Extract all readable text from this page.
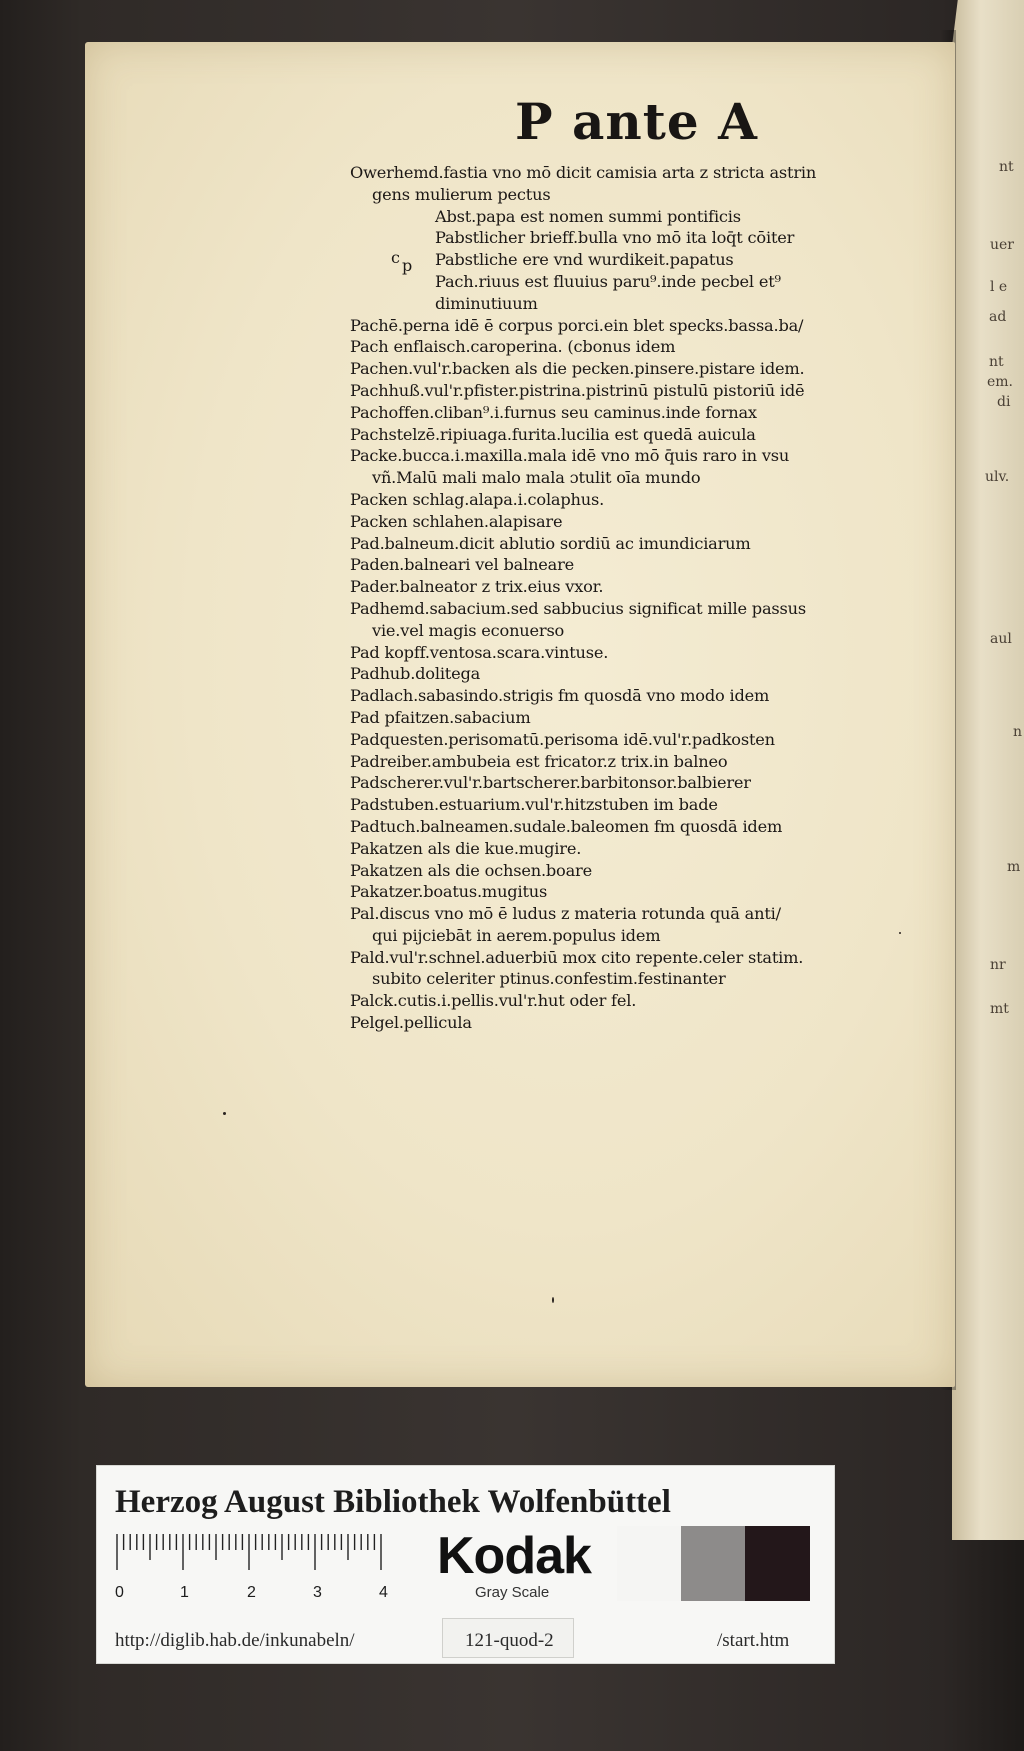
nt
uer
l e
ad
nt
em.
di
ulv.
aul
n
m
nr
mt
P ante A
c p
Owerhemd.fastia vno mō dicit camisia arta z stricta astrin
gens mulierum pectus
Abst.papa est nomen summi pontificis
Pabstlicher brieff.bulla vno mō ita loq̄t cōiter
Pabstliche ere vnd wurdikeit.papatus
Pach.riuus est fluuius paru⁹.inde pecbel et⁹
diminutiuum
Pachē.perna idē ē corpus porci.ein blet specks.bassa.ba/
Pach enflaisch.caroperina. (cbonus idem
Pachen.vul'r.backen als die pecken.pinsere.pistare idem.
Pachhuß.vul'r.pfister.pistrina.pistrinū pistulū pistoriū idē
Pachoffen.cliban⁹.i.furnus seu caminus.inde fornax
Pachstelzē.ripiuaga.furita.lucilia est quedā auicula
Packe.bucca.i.maxilla.mala idē vno mō q̄uis raro in vsu
vñ.Malū mali malo mala ɔtulit oīa mundo
Packen schlag.alapa.i.colaphus.
Packen schlahen.alapisare
Pad.balneum.dicit ablutio sordiū ac imundiciarum
Paden.balneari vel balneare
Pader.balneator z trix.eius vxor.
Padhemd.sabacium.sed sabbucius significat mille passus
vie.vel magis econuerso
Pad kopff.ventosa.scara.vintuse.
Padhub.dolitega
Padlach.sabasindo.strigis fm quosdā vno modo idem
Pad pfaitzen.sabacium
Padquesten.perisomatū.perisoma idē.vul'r.padkosten
Padreiber.ambubeia est fricator.z trix.in balneo
Padscherer.vul'r.bartscherer.barbitonsor.balbierer
Padstuben.estuarium.vul'r.hitzstuben im bade
Padtuch.balneamen.sudale.baleomen fm quosdā idem
Pakatzen als die kue.mugire.
Pakatzen als die ochsen.boare
Pakatzer.boatus.mugitus
Pal.discus vno mō ē ludus z materia rotunda quā anti/
qui pijciebāt in aerem.populus idem
Pald.vul'r.schnel.aduerbiū mox cito repente.celer statim.
subito celeriter ptinus.confestim.festinanter
Palck.cutis.i.pellis.vul'r.hut oder fel.
Pelgel.pellicula
Herzog August Bibliothek Wolfenbüttel
0	1	2	3	4
Kodak
Gray Scale
http://diglib.hab.de/inkunabeln/	121-quod-2	/start.htm
